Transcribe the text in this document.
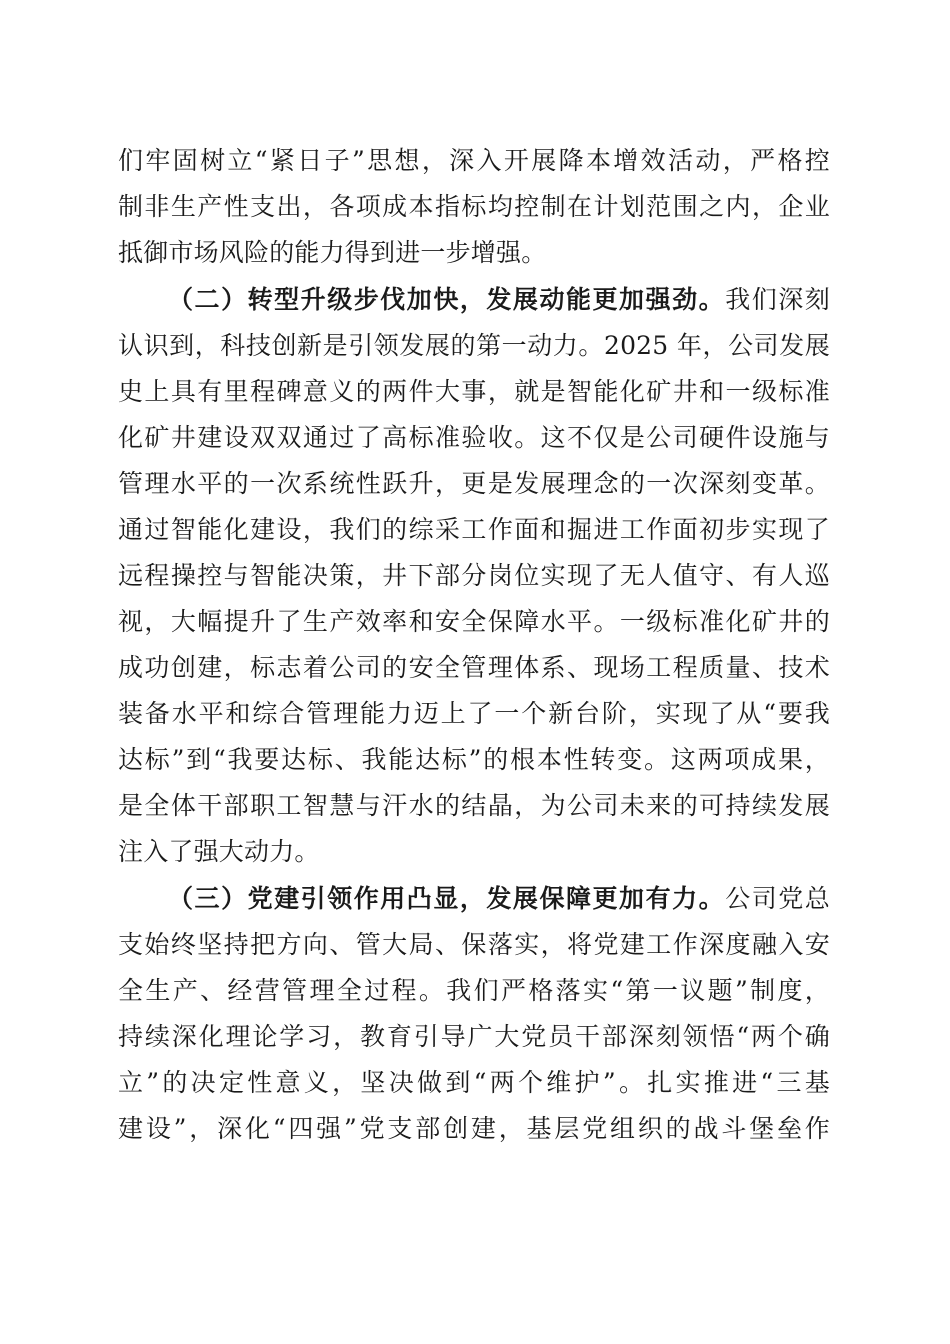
们牢固树立“紧日子”思想，深入开展降本增效活动，严格控

制非生产性支出，各项成本指标均控制在计划范围之内，企业

抵御市场风险的能力得到进一步增强。

（二）转型升级步伐加快，发展动能更加强劲。我们深刻

认识到，科技创新是引领发展的第一动力。2025 年，公司发展

史上具有里程碑意义的两件大事，就是智能化矿井和一级标准

化矿井建设双双通过了高标准验收。这不仅是公司硬件设施与

管理水平的一次系统性跃升，更是发展理念的一次深刻变革。

通过智能化建设，我们的综采工作面和掘进工作面初步实现了

远程操控与智能决策，井下部分岗位实现了无人值守、有人巡

视，大幅提升了生产效率和安全保障水平。一级标准化矿井的

成功创建，标志着公司的安全管理体系、现场工程质量、技术

装备水平和综合管理能力迈上了一个新台阶，实现了从“要我

达标”到“我要达标、我能达标”的根本性转变。这两项成果，

是全体干部职工智慧与汗水的结晶，为公司未来的可持续发展

注入了强大动力。

（三）党建引领作用凸显，发展保障更加有力。公司党总

支始终坚持把方向、管大局、保落实，将党建工作深度融入安

全生产、经营管理全过程。我们严格落实“第一议题”制度，

持续深化理论学习，教育引导广大党员干部深刻领悟“两个确

立”的决定性意义，坚决做到“两个维护”。扎实推进“三基

建设”，深化“四强”党支部创建，基层党组织的战斗堡垒作
